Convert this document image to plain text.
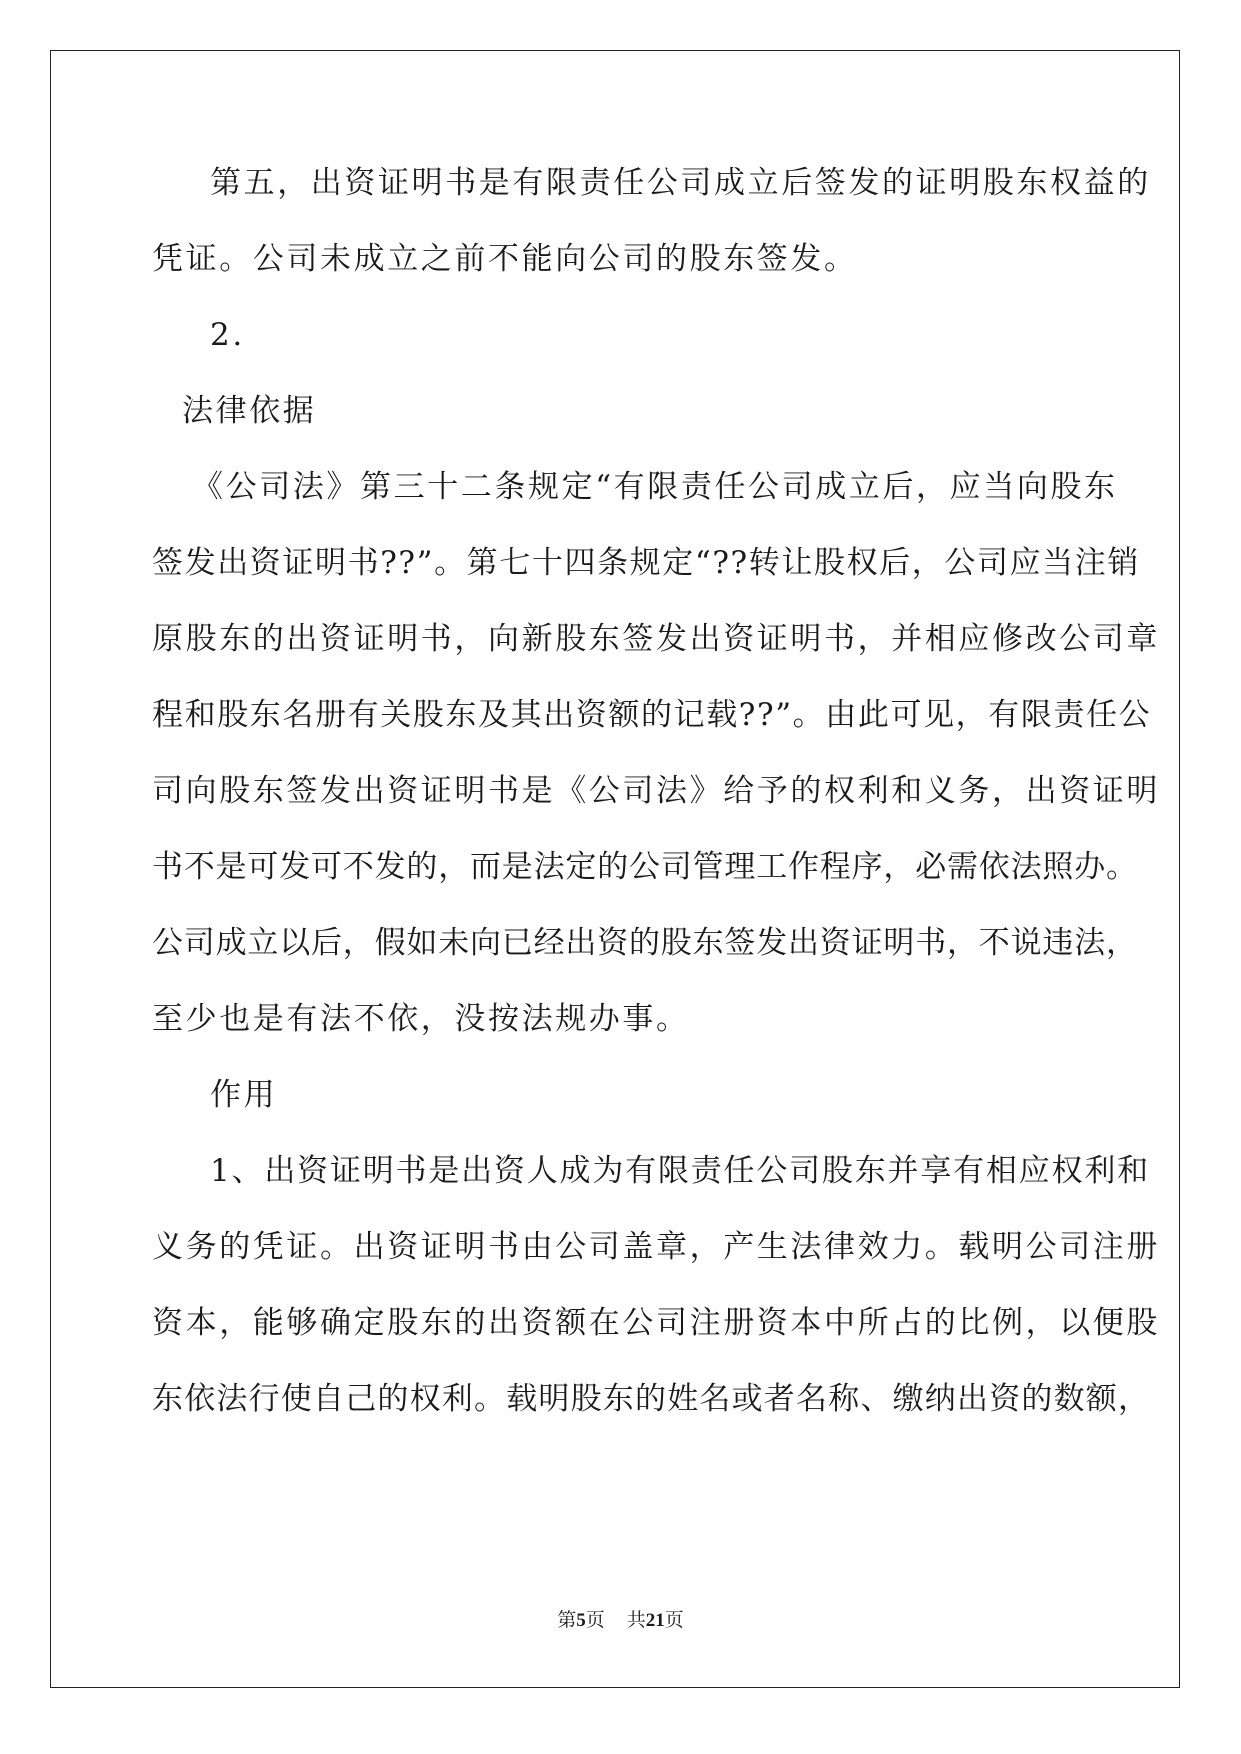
第五，出资证明书是有限责任公司成立后签发的证明股东权益的
凭证。公司未成立之前不能向公司的股东签发。
2.
法律依据
《公司法》第三十二条规定“有限责任公司成立后，应当向股东
签发出资证明书??”。第七十四条规定“??转让股权后，公司应当注销
原股东的出资证明书，向新股东签发出资证明书，并相应修改公司章
程和股东名册有关股东及其出资额的记载??”。由此可见，有限责任公
司向股东签发出资证明书是《公司法》给予的权利和义务，出资证明
书不是可发可不发的，而是法定的公司管理工作程序，必需依法照办。
公司成立以后，假如未向已经出资的股东签发出资证明书，不说违法，
至少也是有法不依，没按法规办事。
作用
1、出资证明书是出资人成为有限责任公司股东并享有相应权利和
义务的凭证。出资证明书由公司盖章，产生法律效力。载明公司注册
资本，能够确定股东的出资额在公司注册资本中所占的比例，以便股
东依法行使自己的权利。载明股东的姓名或者名称、缴纳出资的数额，
第5页 共21页
